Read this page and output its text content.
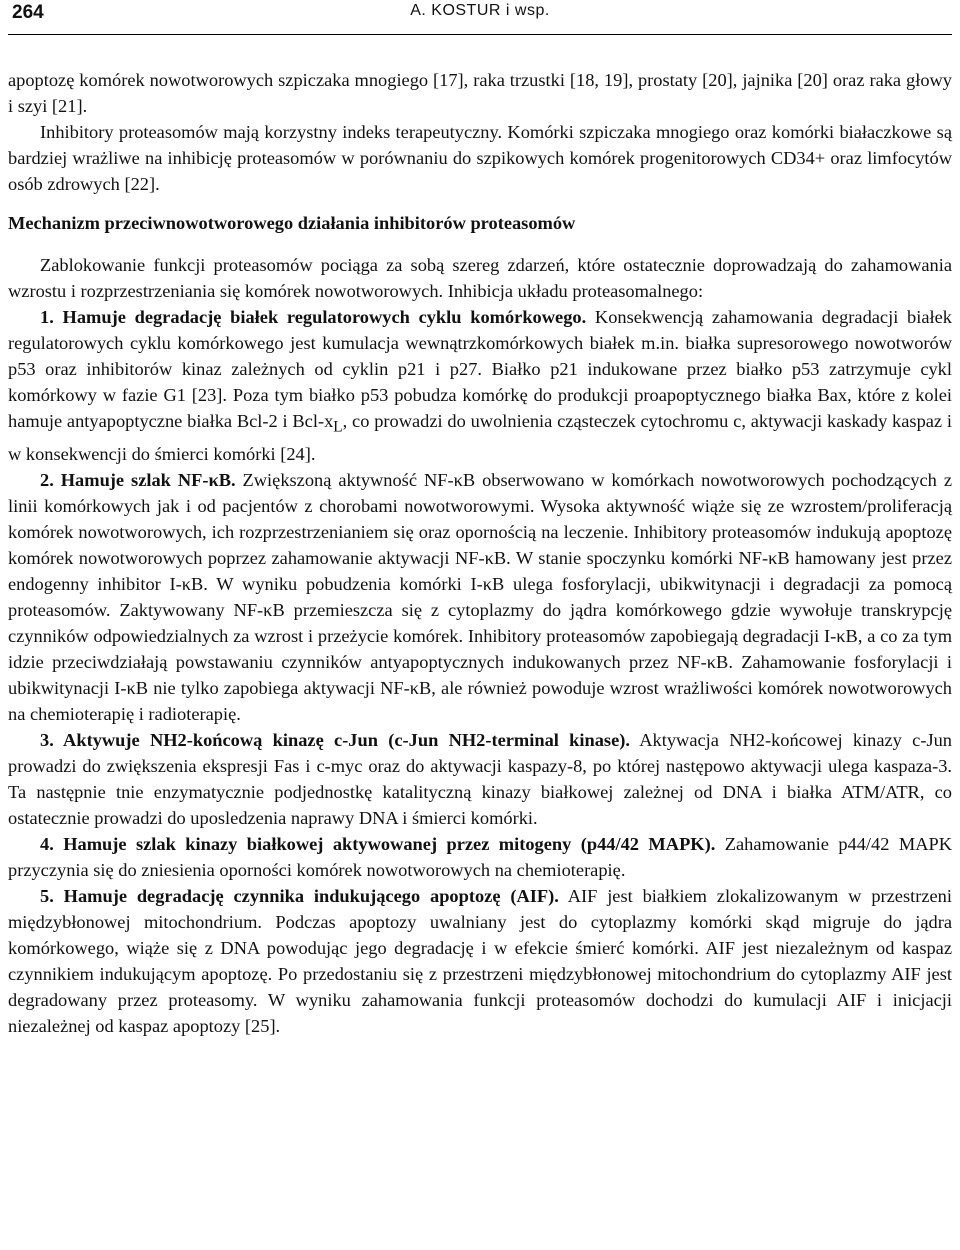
264	A. KOSTUR i wsp.

apoptozę komórek nowotworowych szpiczaka mnogiego [17], raka trzustki [18, 19], prostaty [20], jajnika [20] oraz raka głowy i szyi [21].

Inhibitory proteasomów mają korzystny indeks terapeutyczny. Komórki szpiczaka mnogiego oraz komórki białaczkowe są bardziej wrażliwe na inhibicję proteasomów w porównaniu do szpikowych komórek progenitorowych CD34+ oraz limfocytów osób zdrowych [22].

Mechanizm przeciwnowotworowego działania inhibitorów proteasomów

Zablokowanie funkcji proteasomów pociąga za sobą szereg zdarzeń, które ostatecznie doprowadzają do zahamowania wzrostu i rozprzestrzeniania się komórek nowotworowych. Inhibicja układu proteasomalnego:

1. Hamuje degradację białek regulatorowych cyklu komórkowego. Konsekwencją zahamowania degradacji białek regulatorowych cyklu komórkowego jest kumulacja wewnątrzkomórkowych białek m.in. białka supresorowego nowotworów p53 oraz inhibitorów kinaz zależnych od cyklin p21 i p27. Białko p21 indukowane przez białko p53 zatrzymuje cykl komórkowy w fazie G1 [23]. Poza tym białko p53 pobudza komórkę do produkcji proapoptycznego białka Bax, które z kolei hamuje antyapoptyczne białka Bcl-2 i Bcl-$x_L$, co prowadzi do uwolnienia cząsteczek cytochromu c, aktywacji kaskady kaspaz i w konsekwencji do śmierci komórki [24].

2. Hamuje szlak NF-κB. Zwiększoną aktywność NF-κB obserwowano w komórkach nowotworowych pochodzących z linii komórkowych jak i od pacjentów z chorobami nowotworowymi. Wysoka aktywność wiąże się ze wzrostem/proliferacją komórek nowotworowych, ich rozprzestrzenianiem się oraz opornością na leczenie. Inhibitory proteasomów indukują apoptozę komórek nowotworowych poprzez zahamowanie aktywacji NF-κB. W stanie spoczynku komórki NF-κB hamowany jest przez endogenny inhibitor I-κB. W wyniku pobudzenia komórki I-κB ulega fosforylacji, ubikwitynacji i degradacji za pomocą proteasomów. Zaktywowany NF-κB przemieszcza się z cytoplazmy do jądra komórkowego gdzie wywołuje transkrypcję czynników odpowiedzialnych za wzrost i przeżycie komórek. Inhibitory proteasomów zapobiegają degradacji I-κB, a co za tym idzie przeciwdziałają powstawaniu czynników antyapoptycznych indukowanych przez NF-κB. Zahamowanie fosforylacji i ubikwitynacji I-κB nie tylko zapobiega aktywacji NF-κB, ale również powoduje wzrost wrażliwości komórek nowotworowych na chemioterapię i radioterapię.

3. Aktywuje NH2-końcową kinazę c-Jun (c-Jun NH2-terminal kinase). Aktywacja NH2-końcowej kinazy c-Jun prowadzi do zwiększenia ekspresji Fas i c-myc oraz do aktywacji kaspazy-8, po której następowo aktywacji ulega kaspaza-3. Ta następnie tnie enzymatycznie podjednostkę katalityczną kinazy białkowej zależnej od DNA i białka ATM/ATR, co ostatecznie prowadzi do uposledzenia naprawy DNA i śmierci komórki.

4. Hamuje szlak kinazy białkowej aktywowanej przez mitogeny (p44/42 MAPK). Zahamowanie p44/42 MAPK przyczynia się do zniesienia oporności komórek nowotworowych na chemioterapię.

5. Hamuje degradację czynnika indukującego apoptozę (AIF). AIF jest białkiem zlokalizowanym w przestrzeni międzybłonowej mitochondrium. Podczas apoptozy uwalniany jest do cytoplazmy komórki skąd migruje do jądra komórkowego, wiąże się z DNA powodując jego degradację i w efekcie śmierć komórki. AIF jest niezależnym od kaspaz czynnikiem indukującym apoptozę. Po przedostaniu się z przestrzeni międzybłonowej mitochondrium do cytoplazmy AIF jest degradowany przez proteasomy. W wyniku zahamowania funkcji proteasomów dochodzi do kumulacji AIF i inicjacji niezależnej od kaspaz apoptozy [25].
